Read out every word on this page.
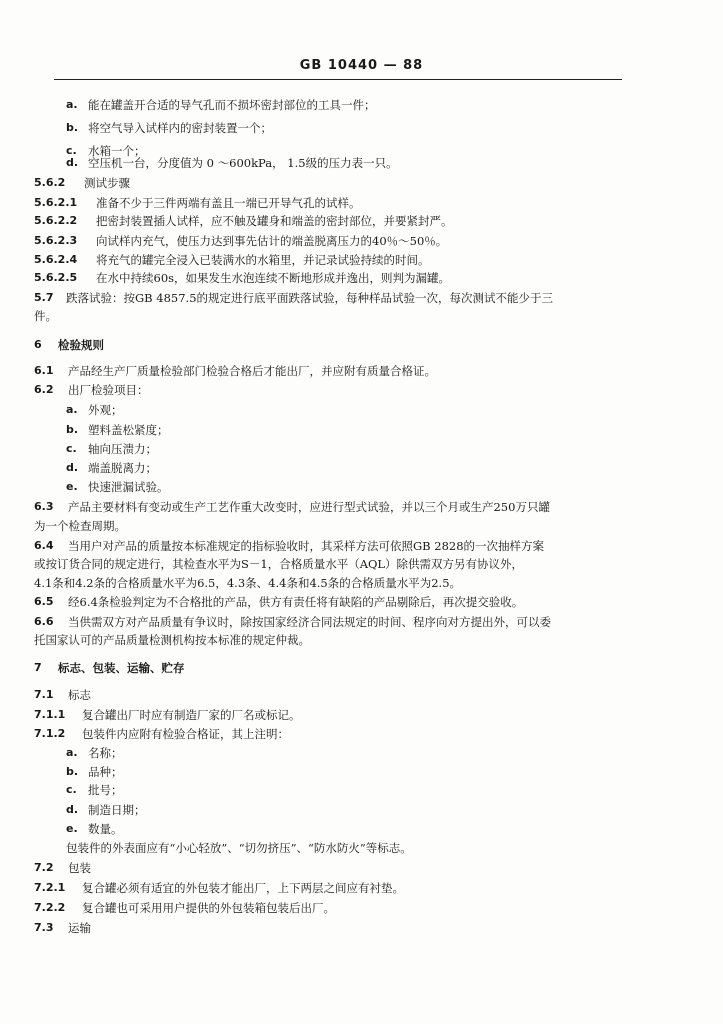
GB 10440 — 88
a. 能在罐盖开合适的导气孔而不损坏密封部位的工具一件；
b. 将空气导入试样内的密封装置一个；
c. 水箱一个；
d. 空压机一台，分度值为 0 ～600kPa， 1.5级的压力表一只。
5.6.2 测试步骤
5.6.2.1 准备不少于三件两端有盖且一端已开导气孔的试样。
5.6.2.2 把密封装置插人试样，应不触及罐身和端盖的密封部位，并要紧封严。
5.6.2.3 向试样内充气，使压力达到事先估计的端盖脱离压力的40％～50％。
5.6.2.4 将充气的罐完全浸入已装满水的水箱里，并记录试验持续的时间。
5.6.2.5 在水中持续60s，如果发生水泡连续不断地形成并逸出，则判为漏罐。
5.7 跌落试验：按GB 4857.5的规定进行底平面跌落试验，每种样品试验一次，每次测试不能少于三
件。
6 检验规则
6.1 产品经生产厂质量检验部门检验合格后才能出厂，并应附有质量合格证。
6.2 出厂检验项目：
a. 外观；
b. 塑料盖松紧度；
c. 轴向压溃力；
d. 端盖脱离力；
e. 快速泄漏试验。
6.3 产品主要材料有变动或生产工艺作重大改变时，应进行型式试验，并以三个月或生产250万只罐
为一个检查周期。
6.4 当用户对产品的质量按本标准规定的指标验收时，其采样方法可依照GB 2828的一次抽样方案
或按订货合同的规定进行，其检查水平为S－1，合格质量水平（AQL）除供需双方另有协议外，
4.1条和4.2条的合格质量水平为6.5，4.3条、4.4条和4.5条的合格质量水平为2.5。
6.5 经6.4条检验判定为不合格批的产品，供方有责任将有缺陷的产品剔除后，再次提交验收。
6.6 当供需双方对产品质量有争议时，除按国家经济合同法规定的时间、程序向对方提出外，可以委
托国家认可的产品质量检测机构按本标准的规定仲裁。
7 标志、包装、运输、贮存
7.1 标志
7.1.1 复合罐出厂时应有制造厂家的厂名或标记。
7.1.2 包装件内应附有检验合格证，其上注明：
a. 名称；
b. 品种；
c. 批号；
d. 制造日期；
e. 数量。
包装件的外表面应有“小心轻放”、“切勿挤压”、“防水防火”等标志。
7.2 包装
7.2.1 复合罐必须有适宜的外包装才能出厂，上下两层之间应有衬垫。
7.2.2 复合罐也可采用用户提供的外包装箱包装后出厂。
7.3 运输
